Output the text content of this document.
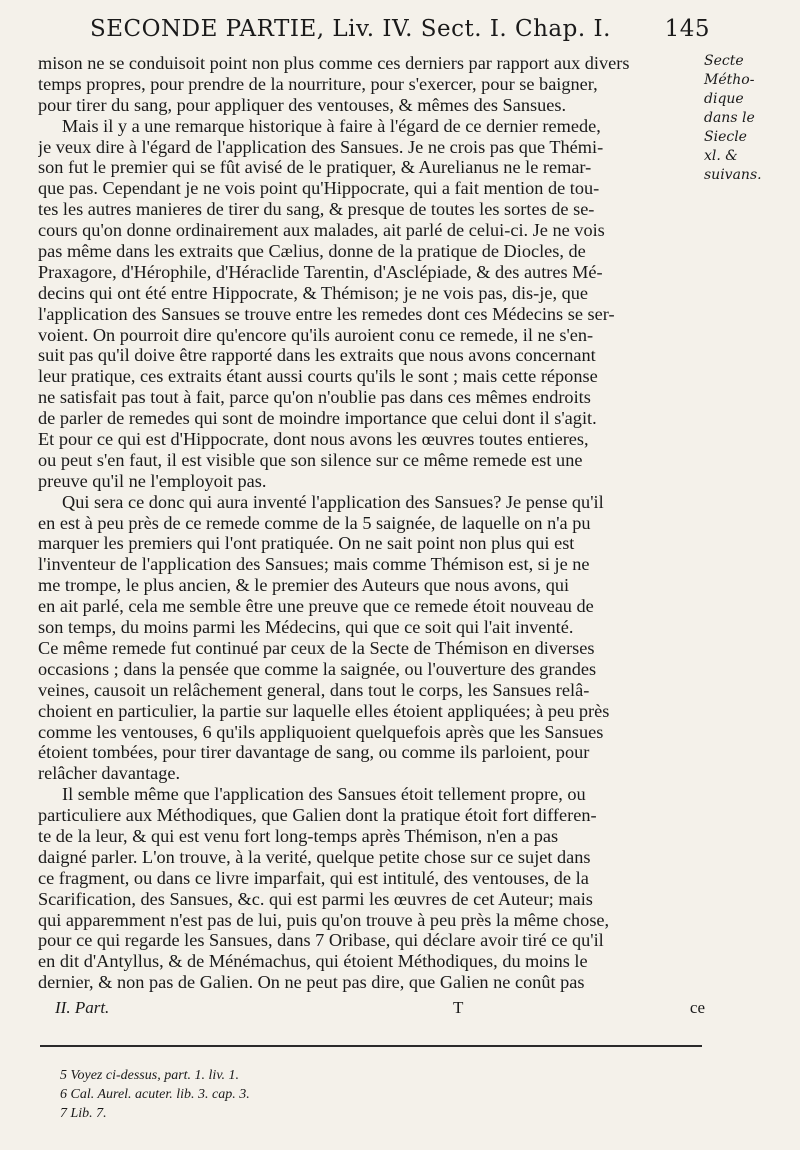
SECONDE PARTIE, Liv. IV. Sect. I. Chap. I. 145
Secte
Métho-
dique
dans le
Siecle
xl. &
suivans.
mison ne se conduisoit point non plus comme ces derniers par rapport aux divers
temps propres, pour prendre de la nourriture, pour s'exercer, pour se baigner,
pour tirer du sang, pour appliquer des ventouses, & mêmes des Sansues.
Mais il y a une remarque historique à faire à l'égard de ce dernier remede,
je veux dire à l'égard de l'application des Sansues. Je ne crois pas que Thémi-
son fut le premier qui se fût avisé de le pratiquer, & Aurelianus ne le remar-
que pas. Cependant je ne vois point qu'Hippocrate, qui a fait mention de tou-
tes les autres manieres de tirer du sang, & presque de toutes les sortes de se-
cours qu'on donne ordinairement aux malades, ait parlé de celui-ci. Je ne vois
pas même dans les extraits que Cælius, donne de la pratique de Diocles, de
Praxagore, d'Hérophile, d'Héraclide Tarentin, d'Asclépiade, & des autres Mé-
decins qui ont été entre Hippocrate, & Thémison; je ne vois pas, dis-je, que
l'application des Sansues se trouve entre les remedes dont ces Médecins se ser-
voient. On pourroit dire qu'encore qu'ils auroient conu ce remede, il ne s'en-
suit pas qu'il doive être rapporté dans les extraits que nous avons concernant
leur pratique, ces extraits étant aussi courts qu'ils le sont ; mais cette réponse
ne satisfait pas tout à fait, parce qu'on n'oublie pas dans ces mêmes endroits
de parler de remedes qui sont de moindre importance que celui dont il s'agit.
Et pour ce qui est d'Hippocrate, dont nous avons les œuvres toutes entieres,
ou peut s'en faut, il est visible que son silence sur ce même remede est une
preuve qu'il ne l'employoit pas.
Qui sera ce donc qui aura inventé l'application des Sansues? Je pense qu'il
en est à peu près de ce remede comme de la 5 saignée, de laquelle on n'a pu
marquer les premiers qui l'ont pratiquée. On ne sait point non plus qui est
l'inventeur de l'application des Sansues; mais comme Thémison est, si je ne
me trompe, le plus ancien, & le premier des Auteurs que nous avons, qui
en ait parlé, cela me semble être une preuve que ce remede étoit nouveau de
son temps, du moins parmi les Médecins, qui que ce soit qui l'ait inventé.
Ce même remede fut continué par ceux de la Secte de Thémison en diverses
occasions ; dans la pensée que comme la saignée, ou l'ouverture des grandes
veines, causoit un relâchement general, dans tout le corps, les Sansues relâ-
choient en particulier, la partie sur laquelle elles étoient appliquées; à peu près
comme les ventouses, 6 qu'ils appliquoient quelquefois après que les Sansues
étoient tombées, pour tirer davantage de sang, ou comme ils parloient, pour
relâcher davantage.
Il semble même que l'application des Sansues étoit tellement propre, ou
particuliere aux Méthodiques, que Galien dont la pratique étoit fort differen-
te de la leur, & qui est venu fort long-temps après Thémison, n'en a pas
daigné parler. L'on trouve, à la verité, quelque petite chose sur ce sujet dans
ce fragment, ou dans ce livre imparfait, qui est intitulé, des ventouses, de la
Scarification, des Sansues, &c. qui est parmi les œuvres de cet Auteur; mais
qui apparemment n'est pas de lui, puis qu'on trouve à peu près la même chose,
pour ce qui regarde les Sansues, dans 7 Oribase, qui déclare avoir tiré ce qu'il
en dit d'Antyllus, & de Ménémachus, qui étoient Méthodiques, du moins le
dernier, & non pas de Galien. On ne peut pas dire, que Galien ne conût pas
II. Part.	T	ce
5 Voyez ci-dessus, part. 1. liv. 1.
6 Cal. Aurel. acuter. lib. 3. cap. 3.
7 Lib. 7.
